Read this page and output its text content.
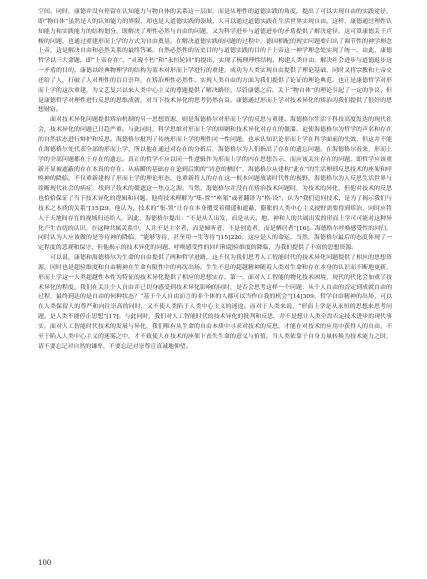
空间。同时，康德并没有停留在认知能力与物自体的关系这一层面，而是从理性的道德实践的角度，提出了可以实现自由的实践途径，即“物自体”虽然是人的认知能力的界限，却也是人道德实践的领域，人可以通过道德实践在生活世界实现自由。这样，康德通过理性认知能力和实践能力的结构划分，既解决了理性必然与自由的问题，又为科学进步与道德进步的矛盾提供了解决途径。这可算康德关于卢梭的问题，也通过重建形而上学的方式为自由奠基。在解决道德实践的问题的过程中，德国相配的现实问题要归出了调节性的神学理念上帝，这是解决自由和必然关系的最终答案。自然必然性的历史目的与道德实践的目的于上帝这一神学理念处实现了统一。由此，康德哲学以三大命题，即“上帝存在”、“灵魂不朽”和“永恒轮回”的提出，实现了梳理理性结构、构建人类自由、解决社会进步与道德退步这一矛盾的目的。康德以经典物理学的结构为蓝本对形而上学进行的重建，成功为人类实现自由提供了理论基础，同时又将宗教和上帝交还给了人，打破了人对理性的盲目崇拜，在矫治理性必然性、实现人类自由的方面为我们提供了论证的理论典范。也正是康德哲学对形而上学的这次重建，为文艺复兴以来人类中心主义的尊题提供了解决路径。尽管康德之后，关于“物自体”的理论引起了一定的争议，但是康德哲学对理性进行反思的思维成就，对当下技术异化的思考仍然有益。康德通过形而上学对技术异化的矫治为我们提供了很好的思想财富。

面对技术异化问题提供矫治机制的另一思想资源，则是海德格尔对形而上学的反思与重建。海德格尔生活于科技高度发达的现代社会，技术异化的问题已日趋严重。与此同时，科学思维对形而上学的围剿和技术异化对存在的僵滥，迫使海德格尔为哲学的声名和存在的自然状态进行辩护和反思。海德格尔批判了传统形而上学的理性同一性问题，也承认知识论形而上学在科学面前的失效，但这并不能在海德格尔处代表全部的形而上学，所以他在通过对存在的分析后，海德格尔为人们指出了存在的遗忘问题。在海德格尔看来，形而上学的全部问题都在于存在的遗忘。真正的哲学不应以同一性逻辑作为形而上学的内在思想告示，而应该关注存在的问题，即哲学应该重新开显被遮蔽的存在本真的存在。从病瞬的基础存在论到后期的“诗意的栖居”，海德格尔从建构“此在”的生活理到反思技术的座架和呼唤神的降临，不仅重新建构了形而上学的理论形态，也重新将人的存在这一根本问题放诸时代性的视野。海德格尔为人反思生活世界与诊断现代社会的病症，找到了技术的僵遮这一焦点之源。当然，海德格尔并没有在矫治技术问题时，为技术的异化，但他对技术的反思也恰恰保证了当下技术异化的逻辑和问题。他将技术理解为“集-置”“座架”或者翻译为“格-设”，认为“我们追问技术，是为了揭示我们与技术之本质的关系”[15]29。他认为，技术的“集-置”让存在本身遭受着僵遥和遮蔽，膨胀的人类中心主义视野需要得到矫治，同时应将人于天地间存在的视域归还给人。因此，海德格尔提出：“不是从人出发，而是从天、地、神和人的共属出发的形而上学可可能对这种异化产生直切的认识。在这种共属关系中，人并不是主宰者，而是倾听者，不是创造者，而是栖居者”[16]。海德格尔呼唤感受性的回归，同时认为人应该做的是等待神的降临，“能够等待，甚至用一生等待”[15]220，这应是人的命运。当然，海德格尔最后的态度体现了一定程度的悲观和保守，但他揭示的技术异化的问题、呼唤感受性的回归和超验维度的降临，为我们提供了丰富的思想资源。

可以说，康德和海德格尔为生命的自由提供了两种哲学进路，这不仅为我们思考人工智能时代的技术异化问题提供了相应的思想资源，同时也是超验维度和自由精神在生命有限性中的再次出场。生生不息的超越精神随着人类对生命和存在本身的认识而不断地更新，形而上学这一人类超越性本性为特征的技术异化提供了相应的思想实存。第一，面对人工智能的物化技术困境，现代的代化会加重了技术异化的程度，我们在关注个人自由并已切身感受到技术异化影响的同时，是否会思考这样一个问题：从个人自由的否定到成就自由的过程，最终到达的是自由的何种状态？“基于个人自由而言的非个体的人都可以当作自我的机会”[14]309，哲学自由精神的出场，可以在人类保留人的尊严和向往崇高的同时，又不使人类陷于人类中心主义的迷途。而对于人类来说，“形而上学是从永恒的思想来思考问题，是人类不能停止思想”[17]。与此同时，我们对人工智能时代的技术异化的批判和反思，并不是想让人类全盘否定技术进步的现代事实。面对人工智能时代技术的发展与异化，我们唯有从生命的自由本质中寻求对技术的反思，才能在对技术的应用中获得人的自由，不至于陷入人类中心主义的迷雾之中，才不致使人在技术的座架下丧失生命的意义与价值。当人类依靠于自身力量转换为技术能力之时，请不要忘记对自然的谦卑，不要忘记对崇尊宣真诚地仰望。

100
